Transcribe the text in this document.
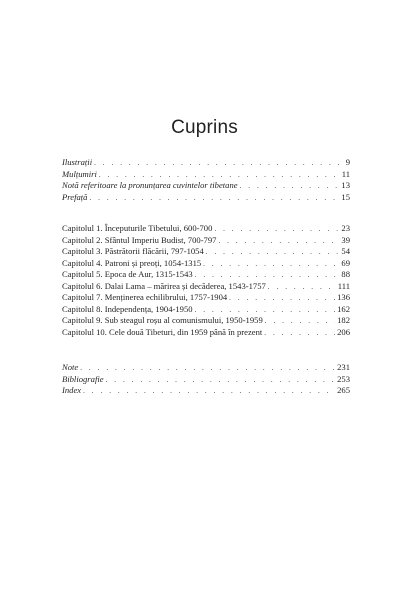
Cuprins
Ilustrații . . .	9
Mulțumiri . . .	11
Notă referitoare la pronunțarea cuvintelor tibetane . . .	13
Prefață . . .	15
Capitolul 1. Începuturile Tibetului, 600-700 . . .	23
Capitolul 2. Sfântul Imperiu Budist, 700-797 . . .	39
Capitolul 3. Păstrătorii flăcării, 797-1054 . . .	54
Capitolul 4. Patroni și preoți, 1054-1315 . . .	69
Capitolul 5. Epoca de Aur, 1315-1543 . . .	88
Capitolul 6. Dalai Lama – mărirea și decăderea, 1543-1757 . . .	111
Capitolul 7. Menținerea echilibrului, 1757-1904 . . .	136
Capitolul 8. Independența, 1904-1950 . . .	162
Capitolul 9. Sub steagul roșu al comunismului, 1950-1959 . . .	182
Capitolul 10. Cele două Tibeturi, din 1959 până în prezent . . .	206
Note . . .	231
Bibliografie . . .	253
Index . . .	265
